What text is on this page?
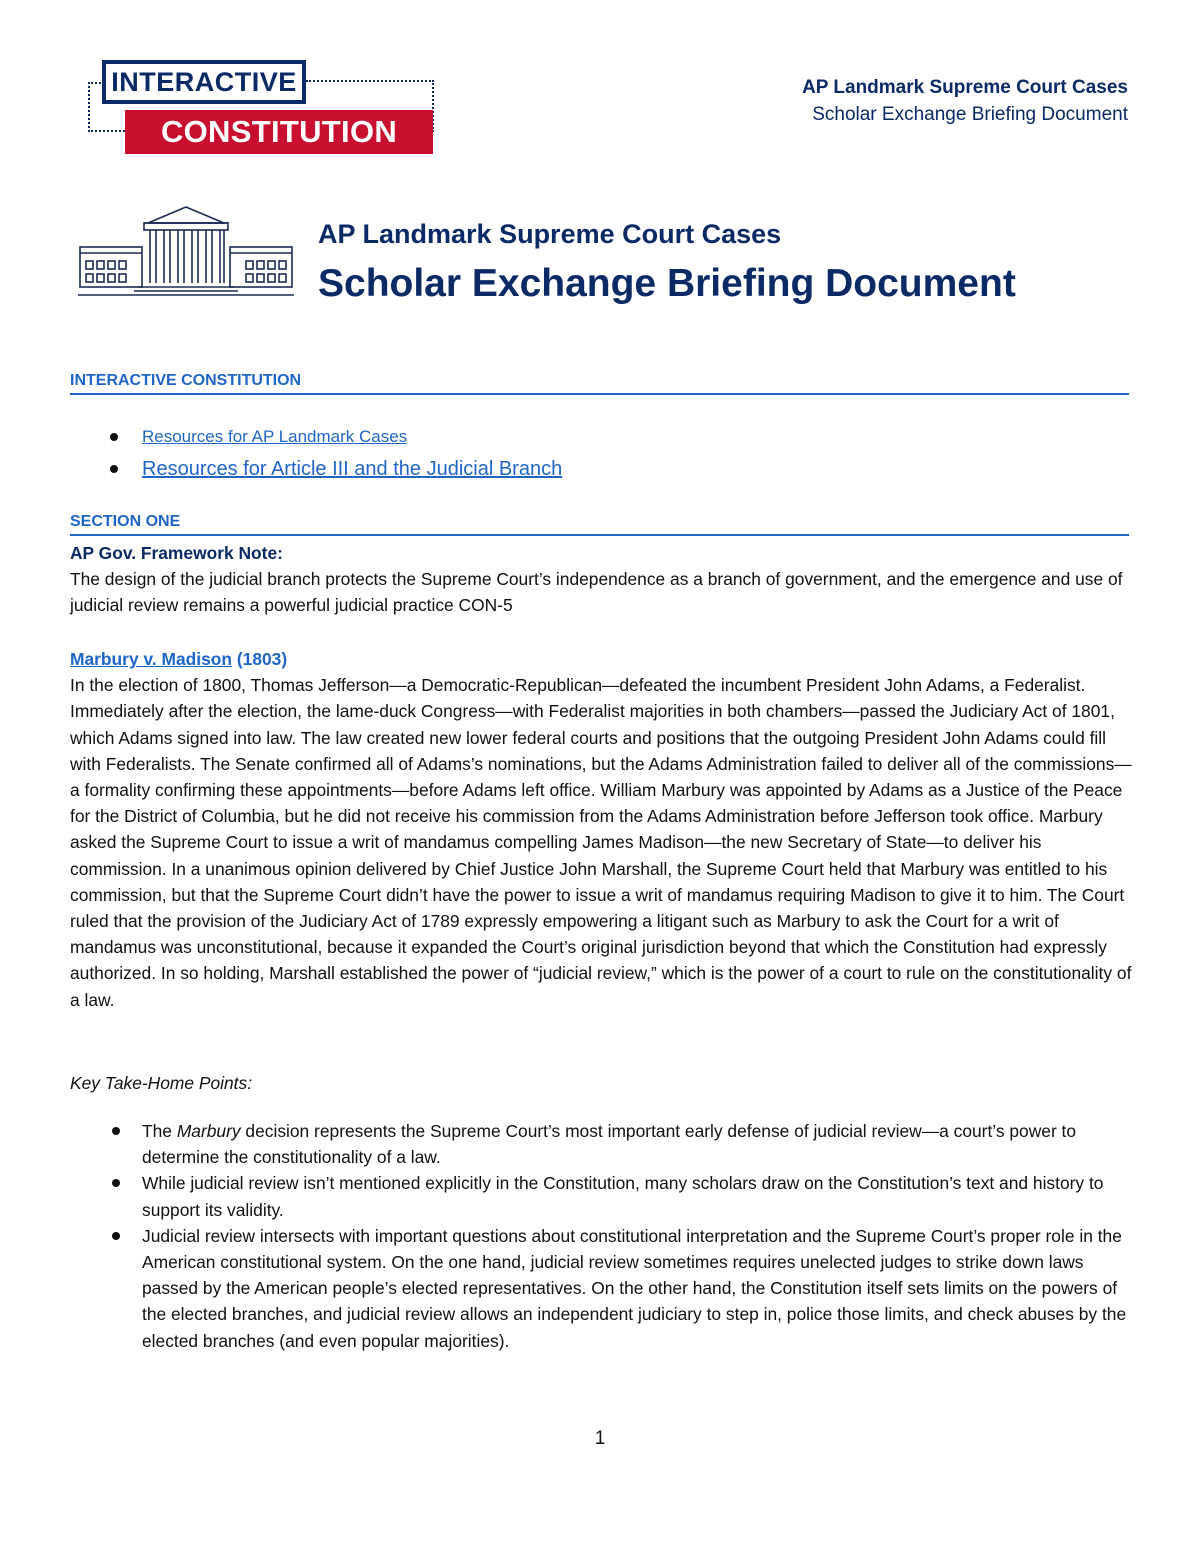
INTERACTIVE
CONSTITUTION
AP Landmark Supreme Court Cases
Scholar Exchange Briefing Document
AP Landmark Supreme Court Cases
Scholar Exchange Briefing Document
INTERACTIVE CONSTITUTION
Resources for AP Landmark Cases
Resources for Article III and the Judicial Branch
SECTION ONE
AP Gov. Framework Note:
The design of the judicial branch protects the Supreme Court’s independence as a branch of government, and the emergence and use of judicial review remains a powerful judicial practice CON-5
Marbury v. Madison (1803)
In the election of 1800, Thomas Jefferson—a Democratic-Republican—defeated the incumbent President John Adams, a Federalist. Immediately after the election, the lame-duck Congress—with Federalist majorities in both chambers—passed the Judiciary Act of 1801, which Adams signed into law. The law created new lower federal courts and positions that the outgoing President John Adams could fill with Federalists. The Senate confirmed all of Adams’s nominations, but the Adams Administration failed to deliver all of the commissions—a formality confirming these appointments—before Adams left office. William Marbury was appointed by Adams as a Justice of the Peace for the District of Columbia, but he did not receive his commission from the Adams Administration before Jefferson took office. Marbury asked the Supreme Court to issue a writ of mandamus compelling James Madison—the new Secretary of State—to deliver his commission. In a unanimous opinion delivered by Chief Justice John Marshall, the Supreme Court held that Marbury was entitled to his commission, but that the Supreme Court didn’t have the power to issue a writ of mandamus requiring Madison to give it to him. The Court ruled that the provision of the Judiciary Act of 1789 expressly empowering a litigant such as Marbury to ask the Court for a writ of mandamus was unconstitutional, because it expanded the Court’s original jurisdiction beyond that which the Constitution had expressly authorized. In so holding, Marshall established the power of “judicial review,” which is the power of a court to rule on the constitutionality of a law.
Key Take-Home Points:
The Marbury decision represents the Supreme Court’s most important early defense of judicial review—a court’s power to determine the constitutionality of a law.
While judicial review isn’t mentioned explicitly in the Constitution, many scholars draw on the Constitution’s text and history to support its validity.
Judicial review intersects with important questions about constitutional interpretation and the Supreme Court’s proper role in the American constitutional system. On the one hand, judicial review sometimes requires unelected judges to strike down laws passed by the American people’s elected representatives. On the other hand, the Constitution itself sets limits on the powers of the elected branches, and judicial review allows an independent judiciary to step in, police those limits, and check abuses by the elected branches (and even popular majorities).
1
